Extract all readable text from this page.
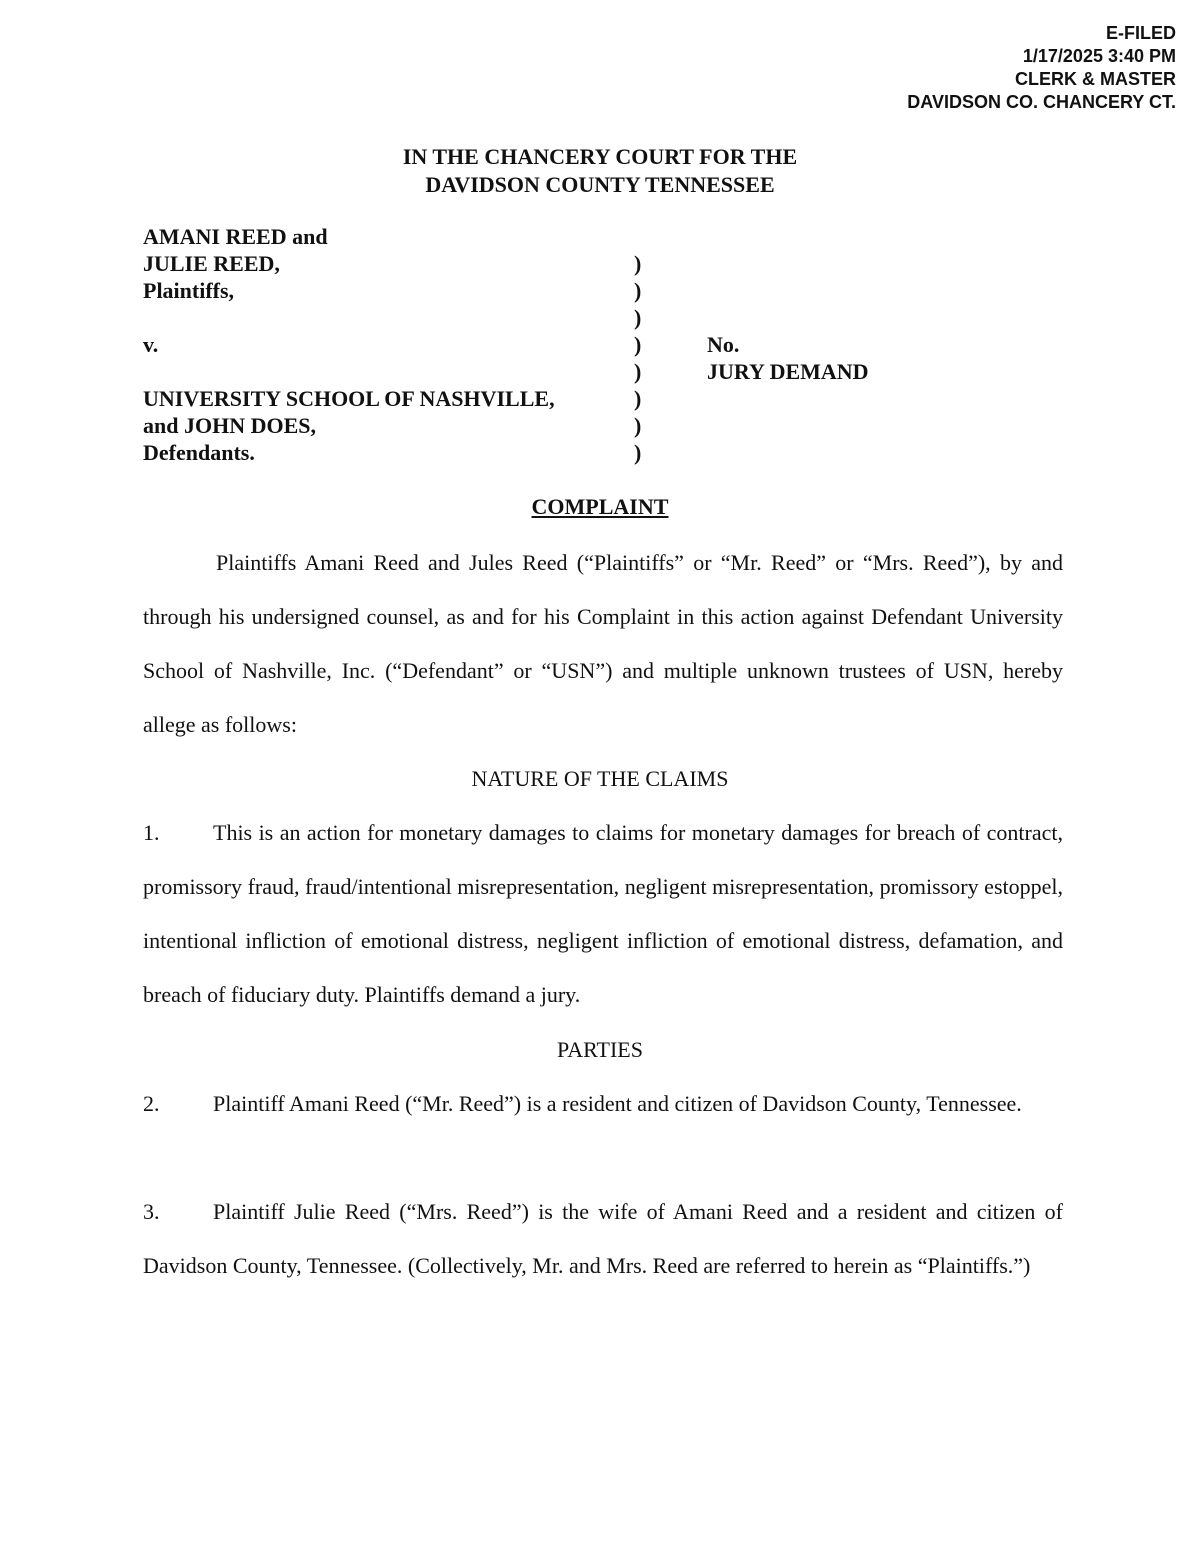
E-FILED
1/17/2025 3:40 PM
CLERK & MASTER
DAVIDSON CO. CHANCERY CT.
IN THE CHANCERY COURT FOR THE
DAVIDSON COUNTY TENNESSEE
AMANI REED and
JULIE REED,
Plaintiffs,
v.
UNIVERSITY SCHOOL OF NASHVILLE,
and JOHN DOES,
Defendants.
)
)
)
)
)
)
)
)
No.
JURY DEMAND
COMPLAINT
Plaintiffs Amani Reed and Jules Reed (“Plaintiffs” or “Mr. Reed” or “Mrs. Reed”), by and through his undersigned counsel, as and for his Complaint in this action against Defendant University School of Nashville, Inc. (“Defendant” or “USN”) and multiple unknown trustees of USN, hereby allege as follows:
NATURE OF THE CLAIMS
1. This is an action for monetary damages to claims for monetary damages for breach of contract, promissory fraud, fraud/intentional misrepresentation, negligent misrepresentation, promissory estoppel, intentional infliction of emotional distress, negligent infliction of emotional distress, defamation, and breach of fiduciary duty. Plaintiffs demand a jury.
PARTIES
2. Plaintiff Amani Reed (“Mr. Reed”) is a resident and citizen of Davidson County, Tennessee.
3. Plaintiff Julie Reed (“Mrs. Reed”) is the wife of Amani Reed and a resident and citizen of Davidson County, Tennessee. (Collectively, Mr. and Mrs. Reed are referred to herein as “Plaintiffs.”)
